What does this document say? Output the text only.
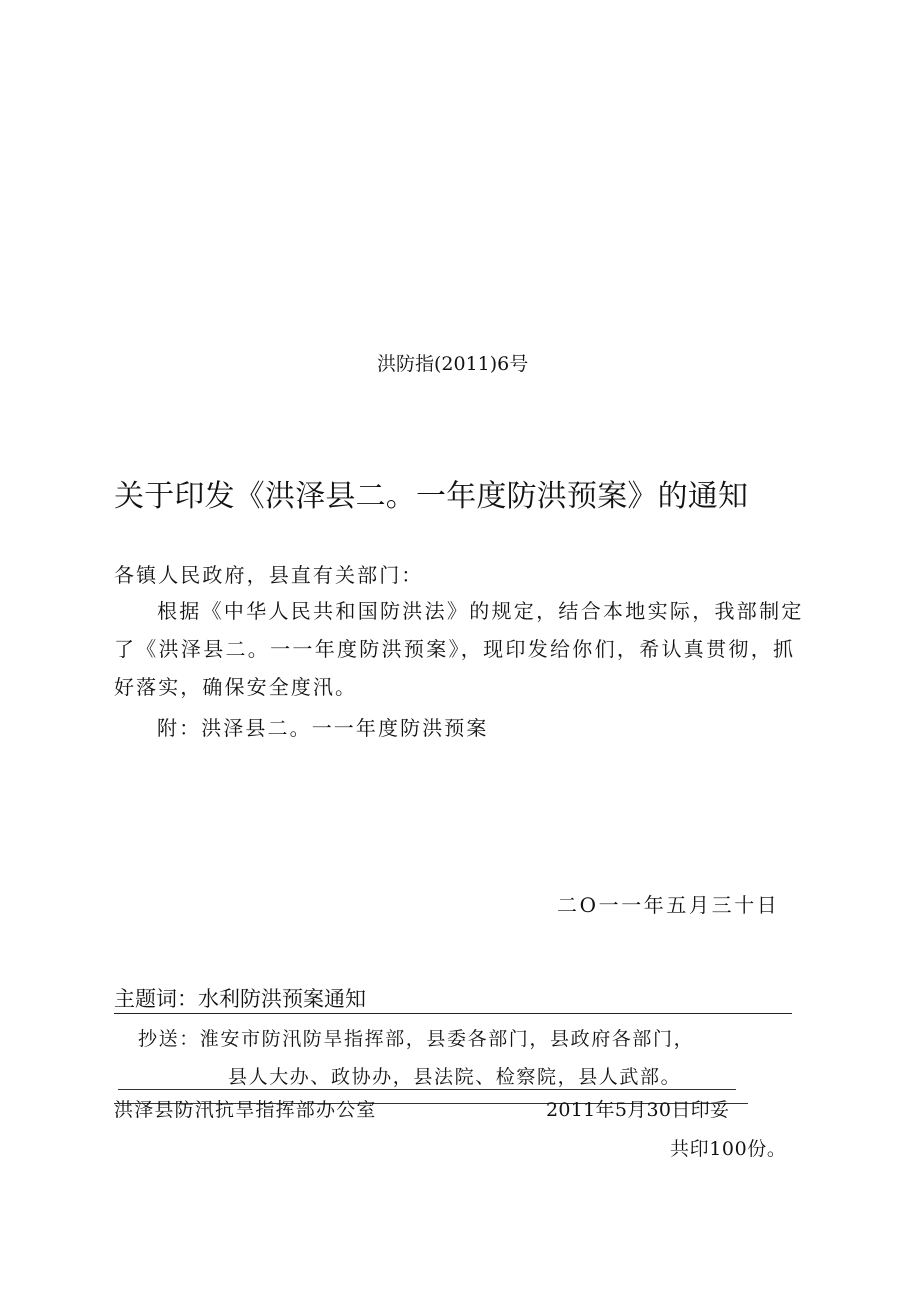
洪防指(2011)6号
关于印发《洪泽县二。一年度防洪预案》的通知
各镇人民政府，县直有关部门：
根据《中华人民共和国防洪法》的规定，结合本地实际，我部制定
了《洪泽县二。一一年度防洪预案》，现印发给你们，希认真贯彻，抓
好落实，确保安全度汛。
附：洪泽县二。一一年度防洪预案
二O一一年五月三十日
主题词：水利防洪预案通知
抄送：淮安市防汛防旱指挥部，县委各部门，县政府各部门，
县人大办、政协办，县法院、检察院，县人武部。
洪泽县防汛抗旱指挥部办公室	2011年5月30日印妥
共印100份。
